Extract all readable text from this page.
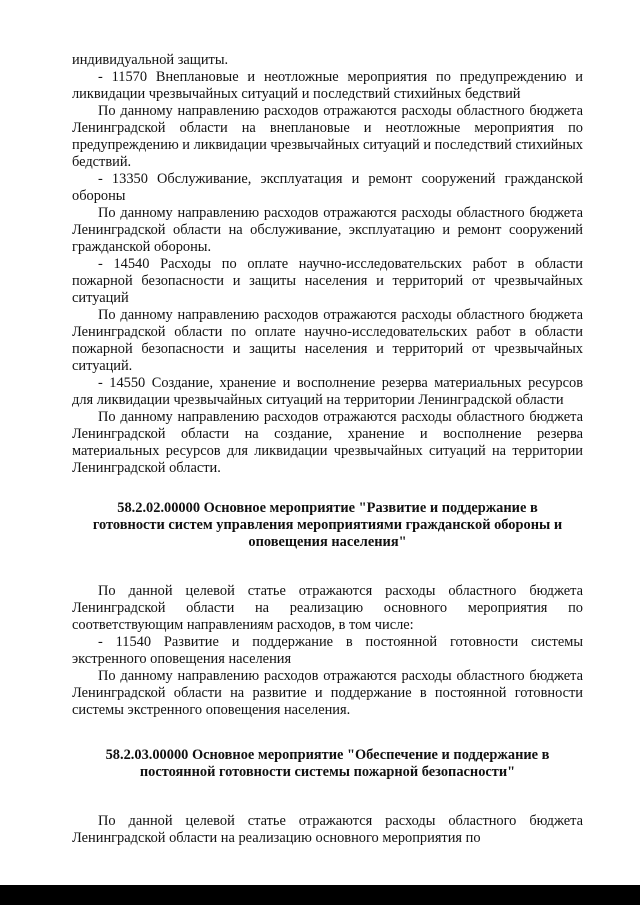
индивидуальной защиты.

- 11570 Внеплановые и неотложные мероприятия по предупреждению и ликвидации чрезвычайных ситуаций и последствий стихийных бедствий

По данному направлению расходов отражаются расходы областного бюджета Ленинградской области на внеплановые и неотложные мероприятия по предупреждению и ликвидации чрезвычайных ситуаций и последствий стихийных бедствий.

- 13350 Обслуживание, эксплуатация и ремонт сооружений гражданской обороны

По данному направлению расходов отражаются расходы областного бюджета Ленинградской области на обслуживание, эксплуатацию и ремонт сооружений гражданской обороны.

- 14540 Расходы по оплате научно-исследовательских работ в области пожарной безопасности и защиты населения и территорий от чрезвычайных ситуаций

По данному направлению расходов отражаются расходы областного бюджета Ленинградской области по оплате научно-исследовательских работ в области пожарной безопасности и защиты населения и территорий от чрезвычайных ситуаций.

- 14550 Создание, хранение и восполнение резерва материальных ресурсов для ликвидации чрезвычайных ситуаций на территории Ленинградской области

По данному направлению расходов отражаются расходы областного бюджета Ленинградской области на создание, хранение и восполнение резерва материальных ресурсов для ликвидации чрезвычайных ситуаций на территории Ленинградской области.

58.2.02.00000 Основное мероприятие "Развитие и поддержание в готовности систем управления мероприятиями гражданской обороны и оповещения населения"

По данной целевой статье отражаются расходы областного бюджета Ленинградской области на реализацию основного мероприятия по соответствующим направлениям расходов, в том числе:

- 11540 Развитие и поддержание в постоянной готовности системы экстренного оповещения населения

По данному направлению расходов отражаются расходы областного бюджета Ленинградской области на развитие и поддержание в постоянной готовности системы экстренного оповещения населения.

58.2.03.00000 Основное мероприятие "Обеспечение и поддержание в постоянной готовности системы пожарной безопасности"

По данной целевой статье отражаются расходы областного бюджета Ленинградской области на реализацию основного мероприятия по
